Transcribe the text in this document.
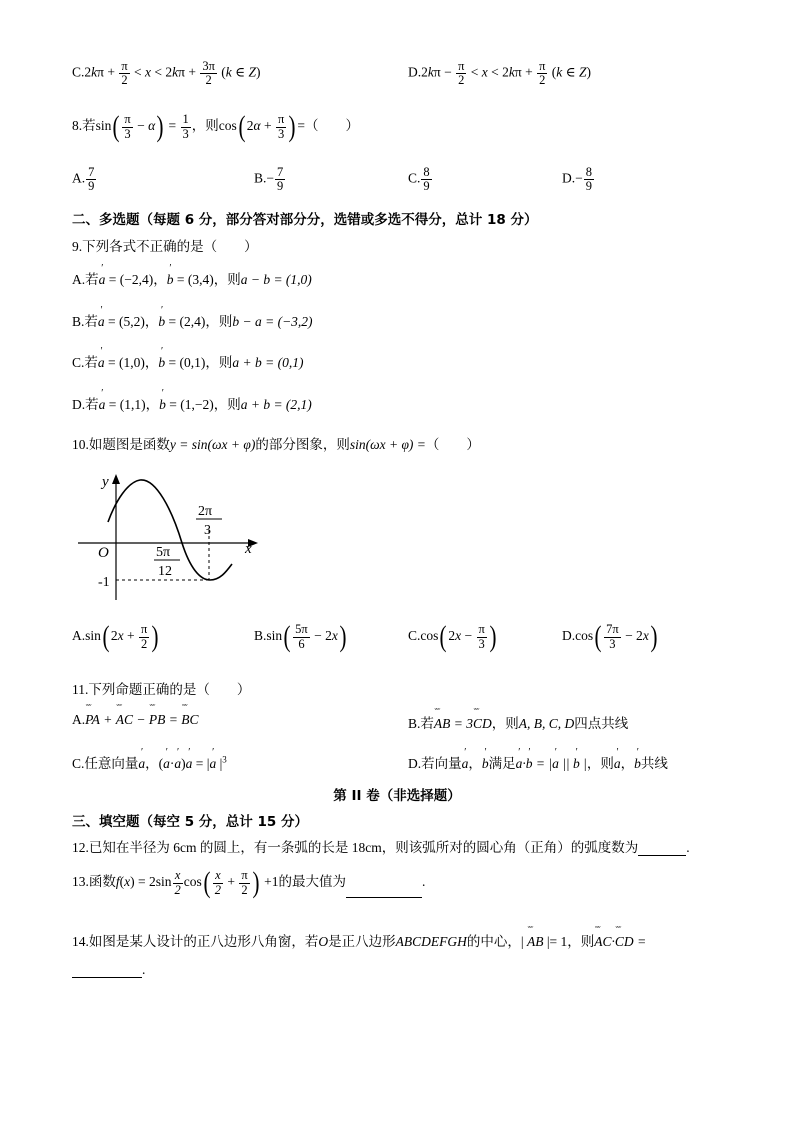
$C.2k\pi + \frac{\pi}{2} < x < 2k\pi + \frac{3\pi}{2} (k$ ∈ Z)	$D.2k\pi - \frac{\pi}{2} < x < 2k\pi + \frac{\pi}{2} (k$ ∈ Z)
8.若$\sin( \frac{\pi}{3} - \alpha) = \frac{1}{3}$ ，则cos( $2\alpha + \frac{\pi}{3}$ ) =（　　）
A. $\frac{7}{9}$	$B.- \frac{7}{9}$	C. $\frac{8}{9}$	$D.- \frac{8}{9}$
二、多选题（每题 6 分，部分答对部分分，选错或多选不得分，总计 18 分）
9.下列各式不正确的是（　　）
A.若′ a = (−2,4)，′ b = (3,4)，则a − b = (1,0)
B.若′ a = (5,2)，′ b = (2,4)，则b − a = (−3,2)
C.若′ a = (1,0)，′ b = (0,1)，则a + b = (0,1)
D.若′ a = (1,1)，′ b = (1,−2)，则a + b = (2,1)
10.如题图是函数y = sin(ωx + φ)的部分图象，则sin(ωx + φ) =（　　）
y
x
O
2π
3
5π
12
-1
A.sin( $2x + \frac{\pi}{2}$ )	$B.\sin( \frac{5\pi}{6} - 2x)$	C.cos( $2x - \frac{\pi}{3}$ )	$D.\cos( \frac{7\pi}{3} - 2x)$
11.下列命题正确的是（　　）
A.ˇˇˇ PA + ˇˇˇ AC − ˇˇˇ PB = ˇˇˇ BC	B.若ˇˇˇ AB = 3ˇˇˇ CD，则A, B, C, D四点共线
C.任意向量′ a，(′ a·′ a)′ a = |′ a $|^3$	D.若向量′ a，′ b满足′ a·′ b = |′ a || ′ b |，则′ a，′ b共线
第 II 卷（非选择题）
三、填空题（每空 5 分，总计 15 分）
12.已知在半径为 6cm 的圆上，有一条弧的长是 18cm，则该弧所对的圆心角（正角）的弧度数为	.
13.函数$f(x) = 2\sin \frac{x}{2} \cos( \frac{x}{2} + \frac{\pi}{2}$ ) +1的最大值为	.
14.如图是某人设计的正八边形八角窗，若O是正八边形ABCDEFGH的中心，| ˇˇˇ AB |= 1，则ˇˇˇ AC·ˇˇˇ CD =
.
